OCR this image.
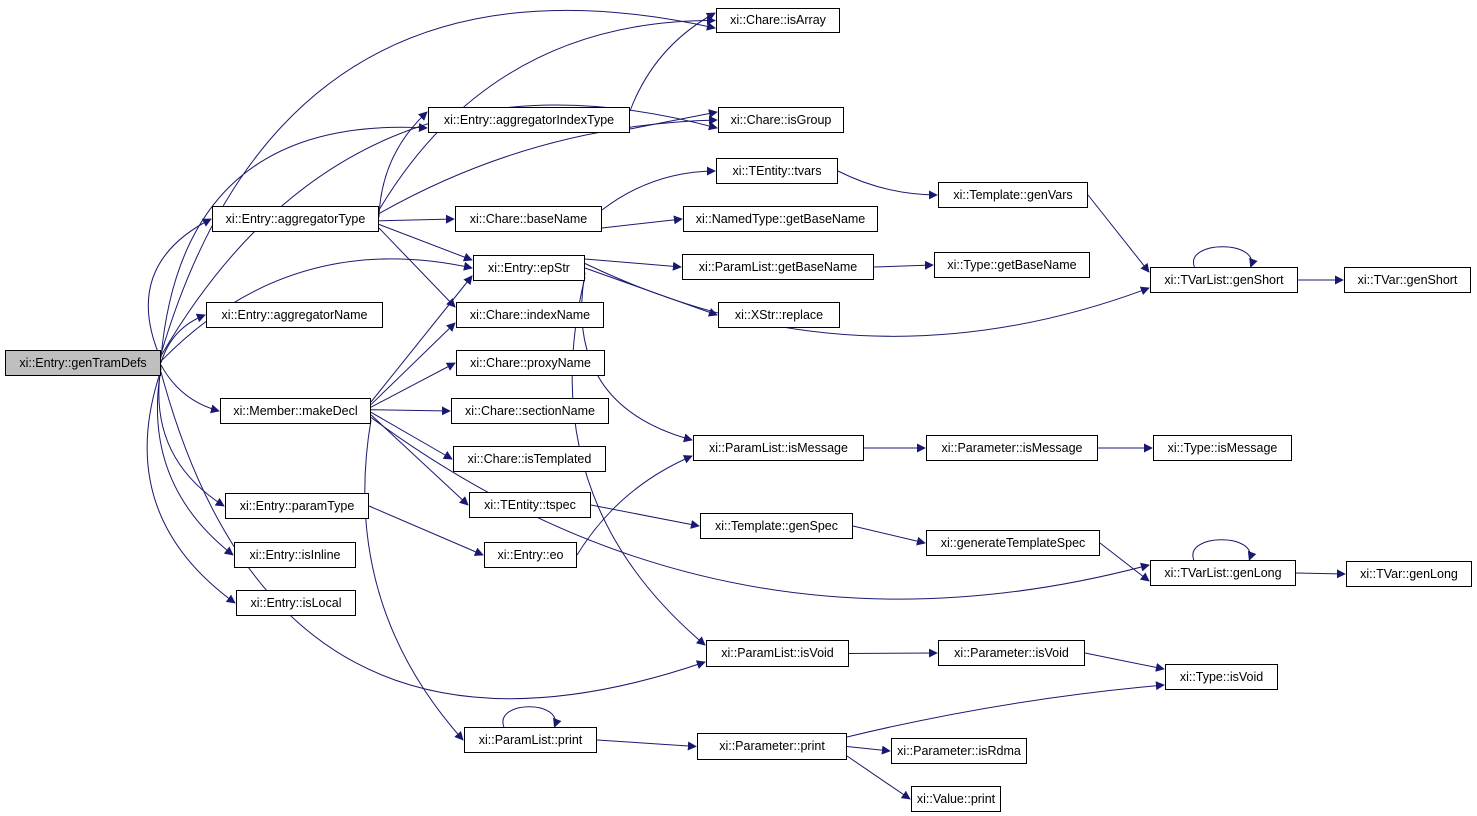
xi::Entry::genTramDefs
xi::Chare::isArray
xi::Entry::aggregatorIndexType	xi::Chare::isGroup
xi::TEntity::tvars
xi::Template::genVars
xi::Entry::aggregatorType	xi::Chare::baseName	xi::NamedType::getBaseName
xi::Entry::epStr	xi::ParamList::getBaseName	xi::Type::getBaseName
xi::TVarList::genShort	xi::TVar::genShort
xi::XStr::replace
xi::Entry::aggregatorName	xi::Chare::indexName
xi::Chare::proxyName
xi::Member::makeDecl	xi::Chare::sectionName
xi::Chare::isTemplated
xi::ParamList::isMessage	xi::Parameter::isMessage	xi::Type::isMessage
xi::Entry::paramType	xi::TEntity::tspec
xi::Template::genSpec
xi::generateTemplateSpec
xi::Entry::eo
xi::Entry::isInline
xi::Entry::isLocal
xi::TVarList::genLong	xi::TVar::genLong
xi::ParamList::isVoid	xi::Parameter::isVoid
xi::Type::isVoid
xi::ParamList::print	xi::Parameter::print	xi::Parameter::isRdma
xi::Value::print
